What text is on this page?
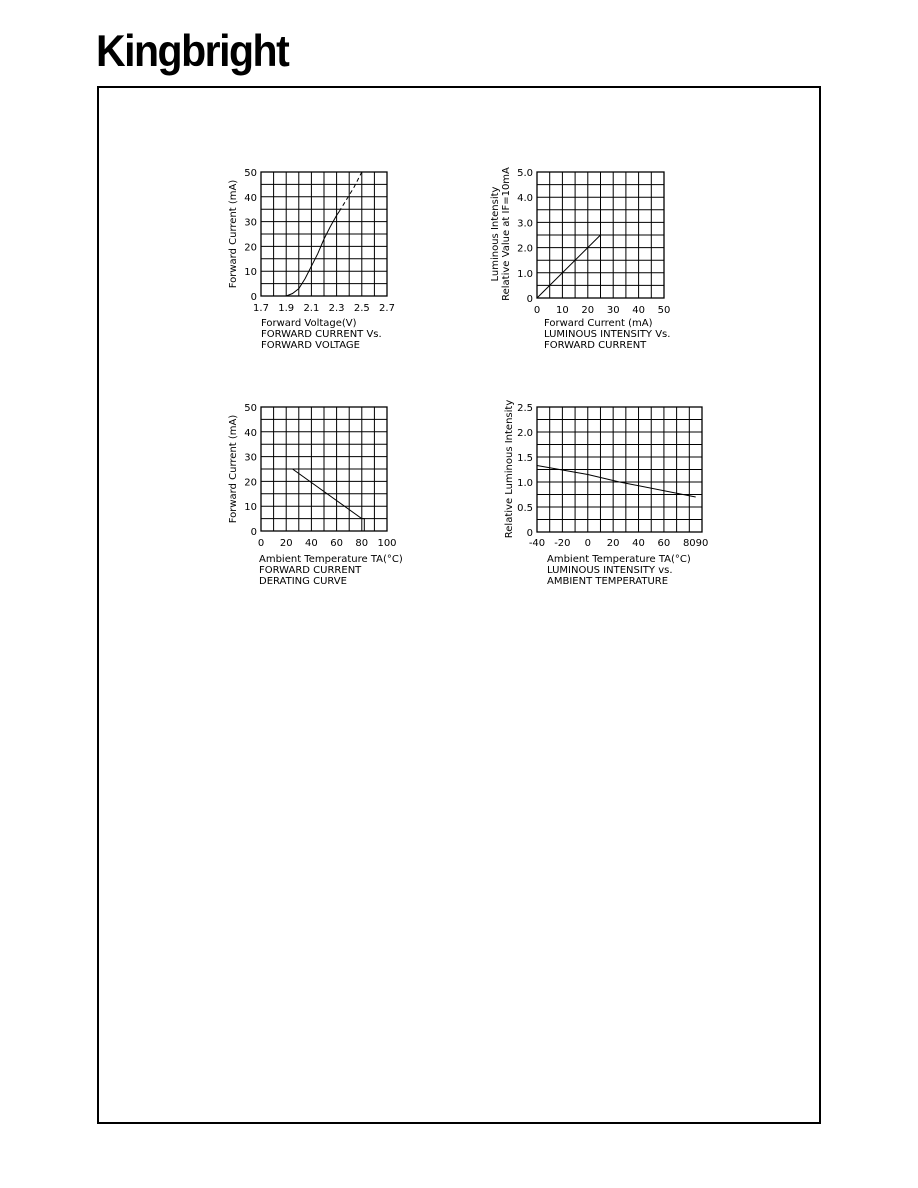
Kingbright
0
10
20
30
40
50
1.7 1.9 2.1 2.3 2.5 2.7
Forward Current (mA)
Forward Voltage(V)
FORWARD CURRENT Vs.
FORWARD VOLTAGE
0
1.0
2.0
3.0
4.0
5.0
0 10 20 30 40 50
Luminous Intensity Relative Value at IF=10mA
Forward Current (mA)
LUMINOUS INTENSITY Vs.
FORWARD CURRENT
0
10
20
30
40
50
0 20 40 60 80 100
Forward Current (mA)
Ambient Temperature TA(°C)
FORWARD CURRENT
DERATING CURVE
0
0.5
1.0
1.5
2.0
2.5
-40 -20 0 20 40 60 80 90
Relative Luminous Intensity
Ambient Temperature TA(°C)
LUMINOUS INTENSITY vs.
AMBIENT TEMPERATURE
